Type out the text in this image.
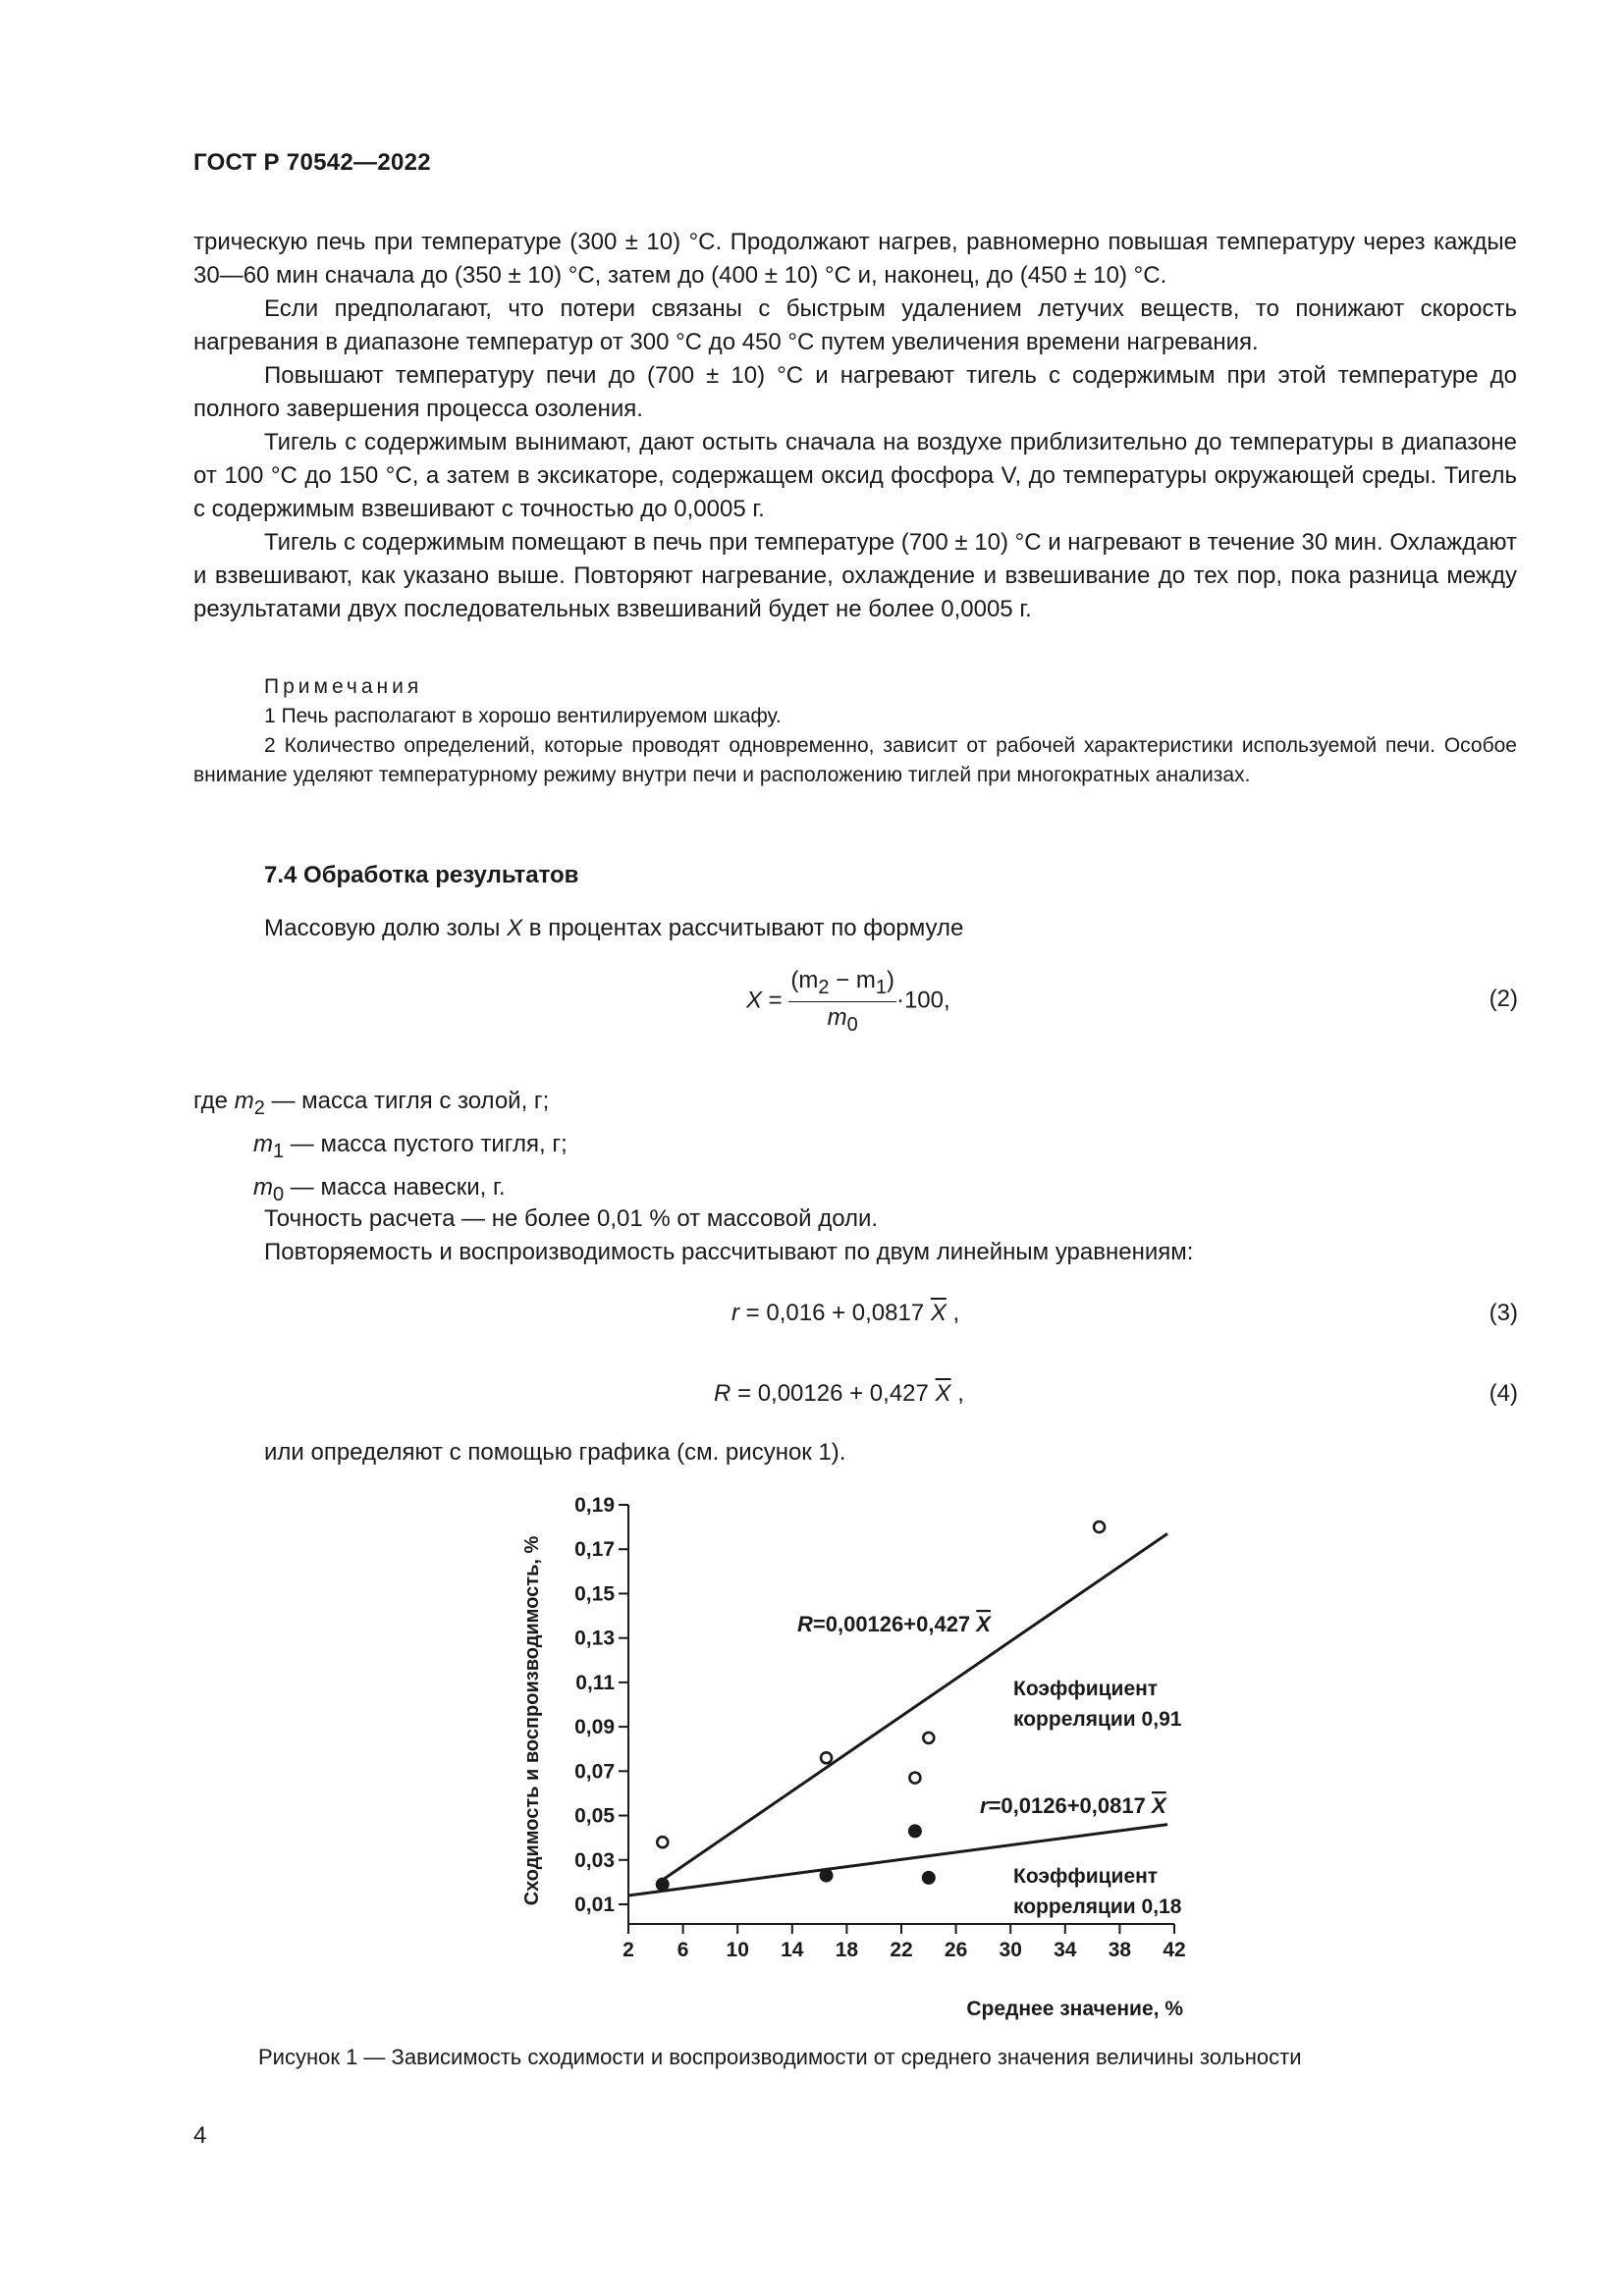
ГОСТ Р 70542—2022

трическую печь при температуре (300 ± 10) °C. Продолжают нагрев, равномерно повышая температуру через каждые 30—60 мин сначала до (350 ± 10) °C, затем до (400 ± 10) °C и, наконец, до (450 ± 10) °C.

Если предполагают, что потери связаны с быстрым удалением летучих веществ, то понижают скорость нагревания в диапазоне температур от 300 °C до 450 °C путем увеличения времени нагревания.

Повышают температуру печи до (700 ± 10) °C и нагревают тигель с содержимым при этой температуре до полного завершения процесса озоления.

Тигель с содержимым вынимают, дают остыть сначала на воздухе приблизительно до температуры в диапазоне от 100 °C до 150 °C, а затем в эксикаторе, содержащем оксид фосфора V, до температуры окружающей среды. Тигель с содержимым взвешивают с точностью до 0,0005 г.

Тигель с содержимым помещают в печь при температуре (700 ± 10) °C и нагревают в течение 30 мин. Охлаждают и взвешивают, как указано выше. Повторяют нагревание, охлаждение и взвешивание до тех пор, пока разница между результатами двух последовательных взвешиваний будет не более 0,0005 г.

Примечания

1 Печь располагают в хорошо вентилируемом шкафу.

2 Количество определений, которые проводят одновременно, зависит от рабочей характеристики используемой печи. Особое внимание уделяют температурному режиму внутри печи и расположению тиглей при многократных анализах.

7.4 Обработка результатов
Массовую долю золы X в процентах рассчитывают по формуле
$X = \frac{(m_2 - m_1)}{m_0} \cdot 100$,	(2)
где $m_2$ — масса тигля с золой, г;
$m_1$ — масса пустого тигля, г;
$m_0$ — масса навески, г.
Точность расчета — не более 0,01 % от массовой доли.
Повторяемость и воспроизводимость рассчитывают по двум линейным уравнениям:
r = 0,016 + 0,0817 $\overline{X}$ ,	(3)
R = 0,00126 + 0,427 $\overline{X}$ ,	(4)
или определяют с помощью графика (см. рисунок 1).
0,01
0,03
0,05
0,07
0,09
0,11
0,13
0,15
0,17
0,19
2 6 10 14 18 22 26 30 34 38 42
Сходимость и воспроизводимость, %
Среднее значение, %
R=0,00126+0,427 X
Коэффициент
корреляции 0,91
r=0,0126+0,0817 X
Коэффициент
корреляции 0,18
Рисунок 1 — Зависимость сходимости и воспроизводимости от среднего значения величины зольности
4
